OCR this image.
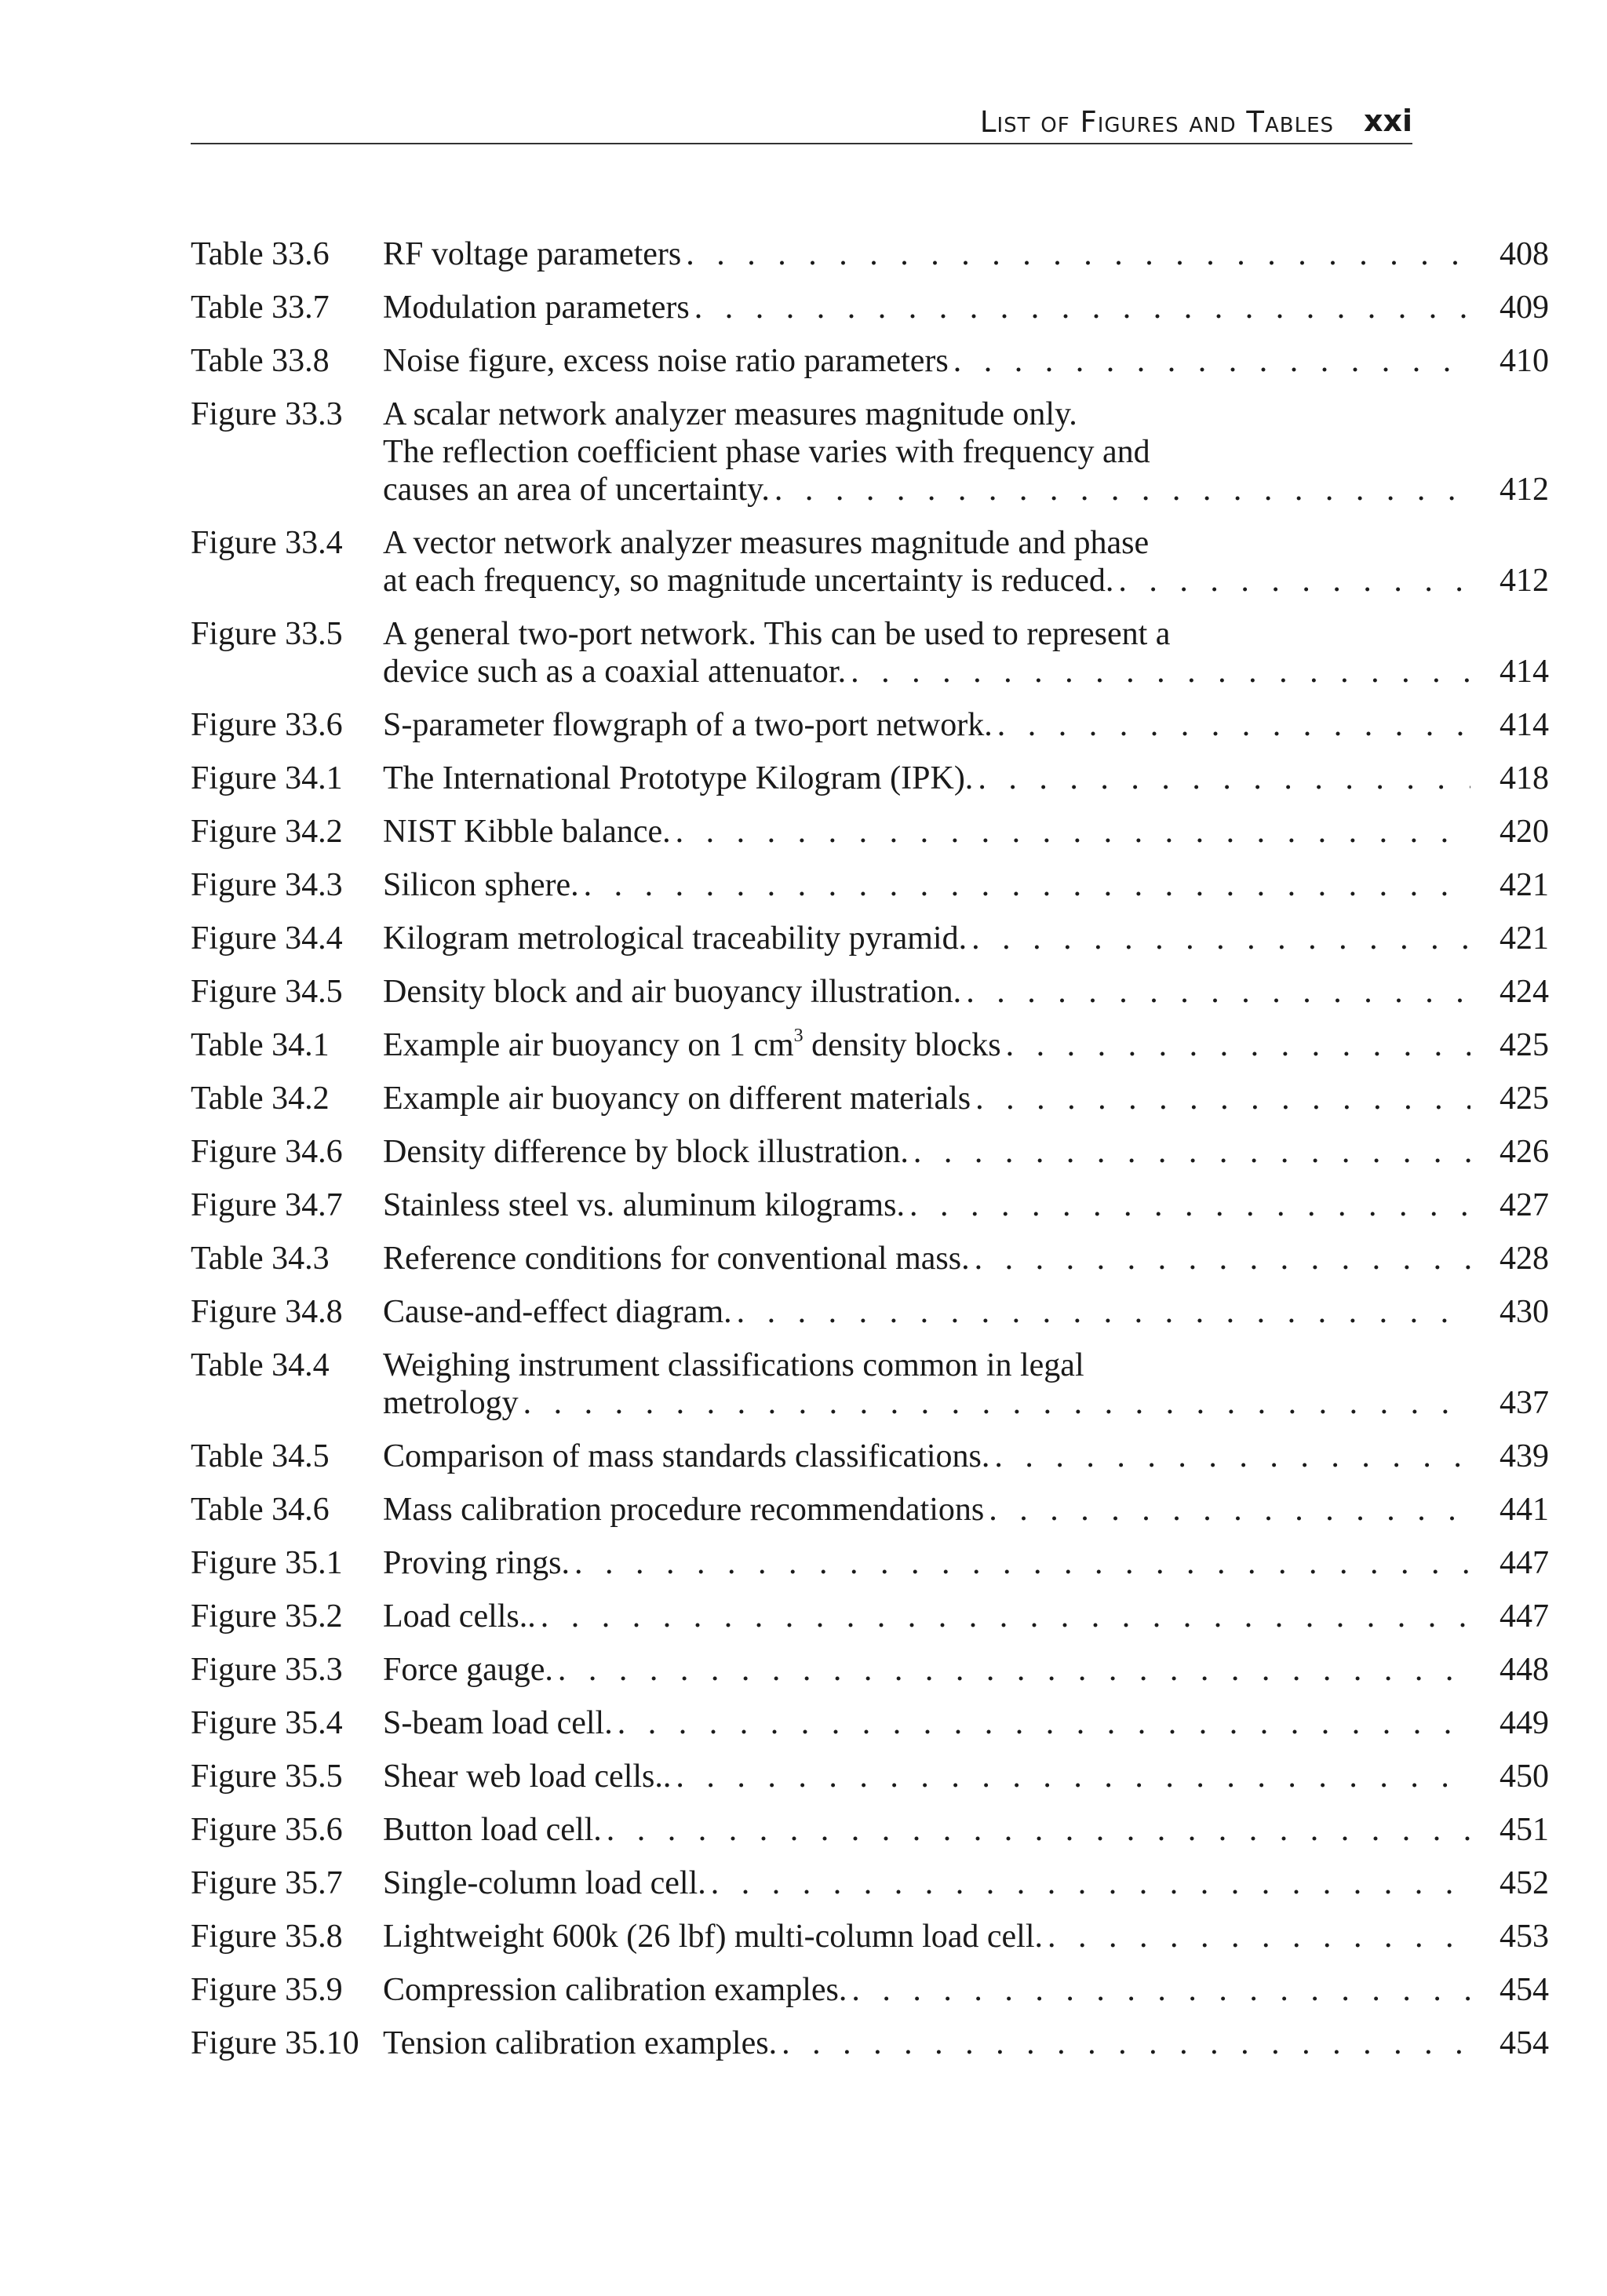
List of Figures and Tables xxi
Table 33.6	RF voltage parameters . . .	408
Table 33.7	Modulation parameters . . .	409
Table 33.8	Noise figure, excess noise ratio parameters . . .	410
Figure 33.3	A scalar network analyzer measures magnitude only.
The reflection coefficient phase varies with frequency and
causes an area of uncertainty. . . .	412
Figure 33.4	A vector network analyzer measures magnitude and phase
at each frequency, so magnitude uncertainty is reduced. . . .	412
Figure 33.5	A general two-port network. This can be used to represent a
device such as a coaxial attenuator. . . .	414
Figure 33.6	S-parameter flowgraph of a two-port network. . . .	414
Figure 34.1	The International Prototype Kilogram (IPK). . . .	418
Figure 34.2	NIST Kibble balance. . . .	420
Figure 34.3	Silicon sphere. . . .	421
Figure 34.4	Kilogram metrological traceability pyramid. . . .	421
Figure 34.5	Density block and air buoyancy illustration. . . .	424
Table 34.1	Example air buoyancy on 1 $cm^3$ density blocks . . .	425
Table 34.2	Example air buoyancy on different materials . . .	425
Figure 34.6	Density difference by block illustration. . . .	426
Figure 34.7	Stainless steel vs. aluminum kilograms. . . .	427
Table 34.3	Reference conditions for conventional mass. . . .	428
Figure 34.8	Cause-and-effect diagram. . . .	430
Table 34.4	Weighing instrument classifications common in legal
metrology . . .	437
Table 34.5	Comparison of mass standards classifications. . . .	439
Table 34.6	Mass calibration procedure recommendations . . .	441
Figure 35.1	Proving rings. . . .	447
Figure 35.2	Load cells.. . . .	447
Figure 35.3	Force gauge. . . .	448
Figure 35.4	S-beam load cell. . . .	449
Figure 35.5	Shear web load cells.. . . .	450
Figure 35.6	Button load cell. . . .	451
Figure 35.7	Single-column load cell. . . .	452
Figure 35.8	Lightweight 600k (26 lbf) multi-column load cell. . . .	453
Figure 35.9	Compression calibration examples. . . .	454
Figure 35.10 Tension calibration examples. . . .	454
